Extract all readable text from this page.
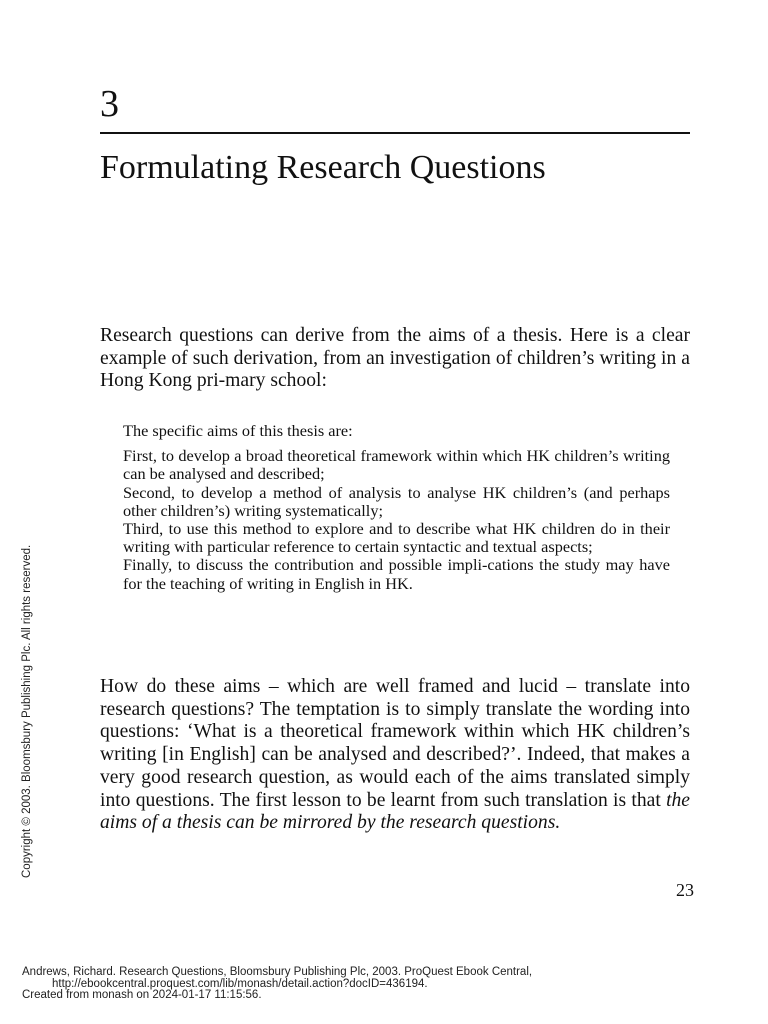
3
Formulating Research Questions

Research questions can derive from the aims of a thesis. Here is a clear example of such derivation, from an investigation of children’s writing in a Hong Kong pri-mary school:

The specific aims of this thesis are:

First, to develop a broad theoretical framework within which HK children’s writing can be analysed and described;

Second, to develop a method of analysis to analyse HK children’s (and perhaps other children’s) writing systematically;

Third, to use this method to explore and to describe what HK children do in their writing with particular reference to certain syntactic and textual aspects;

Finally, to discuss the contribution and possible impli-cations the study may have for the teaching of writing in English in HK.

How do these aims – which are well framed and lucid – translate into research questions? The temptation is to simply translate the wording into questions: ‘What is a theoretical framework within which HK children’s writing [in English] can be analysed and described?’. Indeed, that makes a very good research question, as would each of the aims translated simply into questions. The first lesson to be learnt from such translation is that the aims of a thesis can be mirrored by the research questions.

23
Copyright © 2003. Bloomsbury Publishing Plc. All rights reserved.
Andrews, Richard. Research Questions, Bloomsbury Publishing Plc, 2003. ProQuest Ebook Central,
http://ebookcentral.proquest.com/lib/monash/detail.action?docID=436194.
Created from monash on 2024-01-17 11:15:56.
